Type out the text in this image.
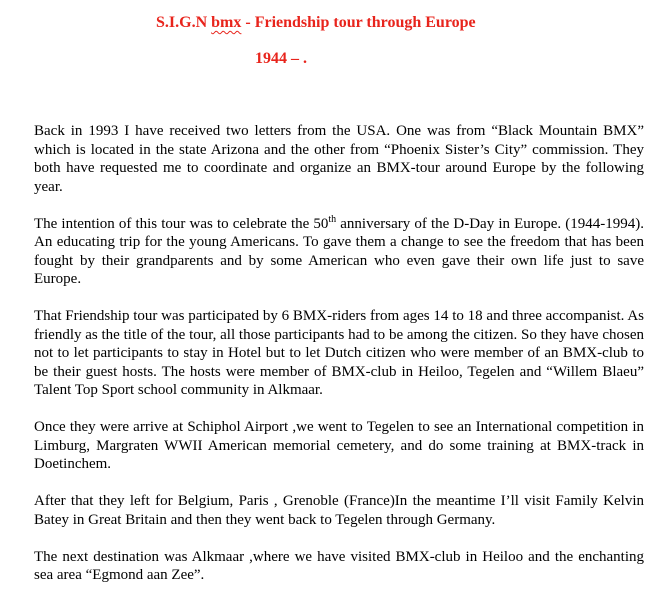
S.I.G.N bmx - Friendship tour through Europe
1944 – .

Back in 1993 I have received two letters from the USA. One was from “Black Mountain BMX” which is located in the state Arizona and the other from “Phoenix Sister’s City” commission. They both have requested me to coordinate and organize an BMX-tour around Europe by the following year.

The intention of this tour was to celebrate the 50th anniversary of the D-Day in Europe. (1944-1994). An educating trip for the young Americans. To gave them a change to see the freedom that has been fought by their grandparents and by some American who even gave their own life just to save Europe.

That Friendship tour was participated by 6 BMX-riders from ages 14 to 18 and three accompanist. As friendly as the title of the tour, all those participants had to be among the citizen. So they have chosen not to let participants to stay in Hotel but to let Dutch citizen who were member of an BMX-club to be their guest hosts. The hosts were member of BMX-club in Heiloo, Tegelen and “Willem Blaeu” Talent Top Sport school community in Alkmaar.

Once they were arrive at Schiphol Airport ,we went to Tegelen to see an International competition in Limburg, Margraten WWII American memorial cemetery, and do some training at BMX-track in Doetinchem.

After that they left for Belgium, Paris , Grenoble (France)In the meantime I’ll visit Family Kelvin Batey in Great Britain and then they went back to Tegelen through Germany.

The next destination was Alkmaar ,where we have visited BMX-club in Heiloo and the enchanting sea area “Egmond aan Zee”.
